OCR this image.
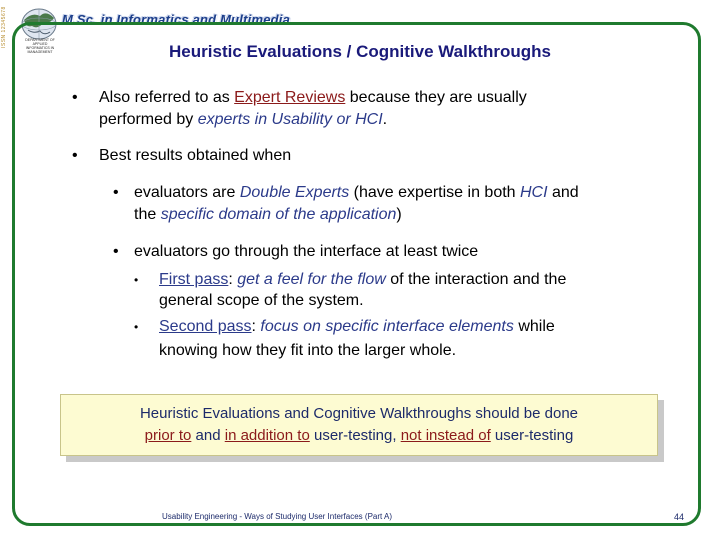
ISSN 12345678	DEPARTMENT OF APPLIED
INFORMATICS IN MANAGEMENT
M.Sc. in Informatics and Multimedia
Heuristic Evaluations / Cognitive Walkthroughs
• Also referred to as Expert Reviews because they are usually
performed by experts in Usability or HCI.
• Best results obtained when
• evaluators are Double Experts (have expertise in both HCI and
the specific domain of the application)
• evaluators go through the interface at least twice
• First pass: get a feel for the flow of the interaction and the
general scope of the system.
• Second pass: focus on specific interface elements while
knowing how they fit into the larger whole.
Heuristic Evaluations and Cognitive Walkthroughs should be done
prior to and in addition to user-testing, not instead of user-testing
Usability Engineering - Ways of Studying User Interfaces (Part A)	44
